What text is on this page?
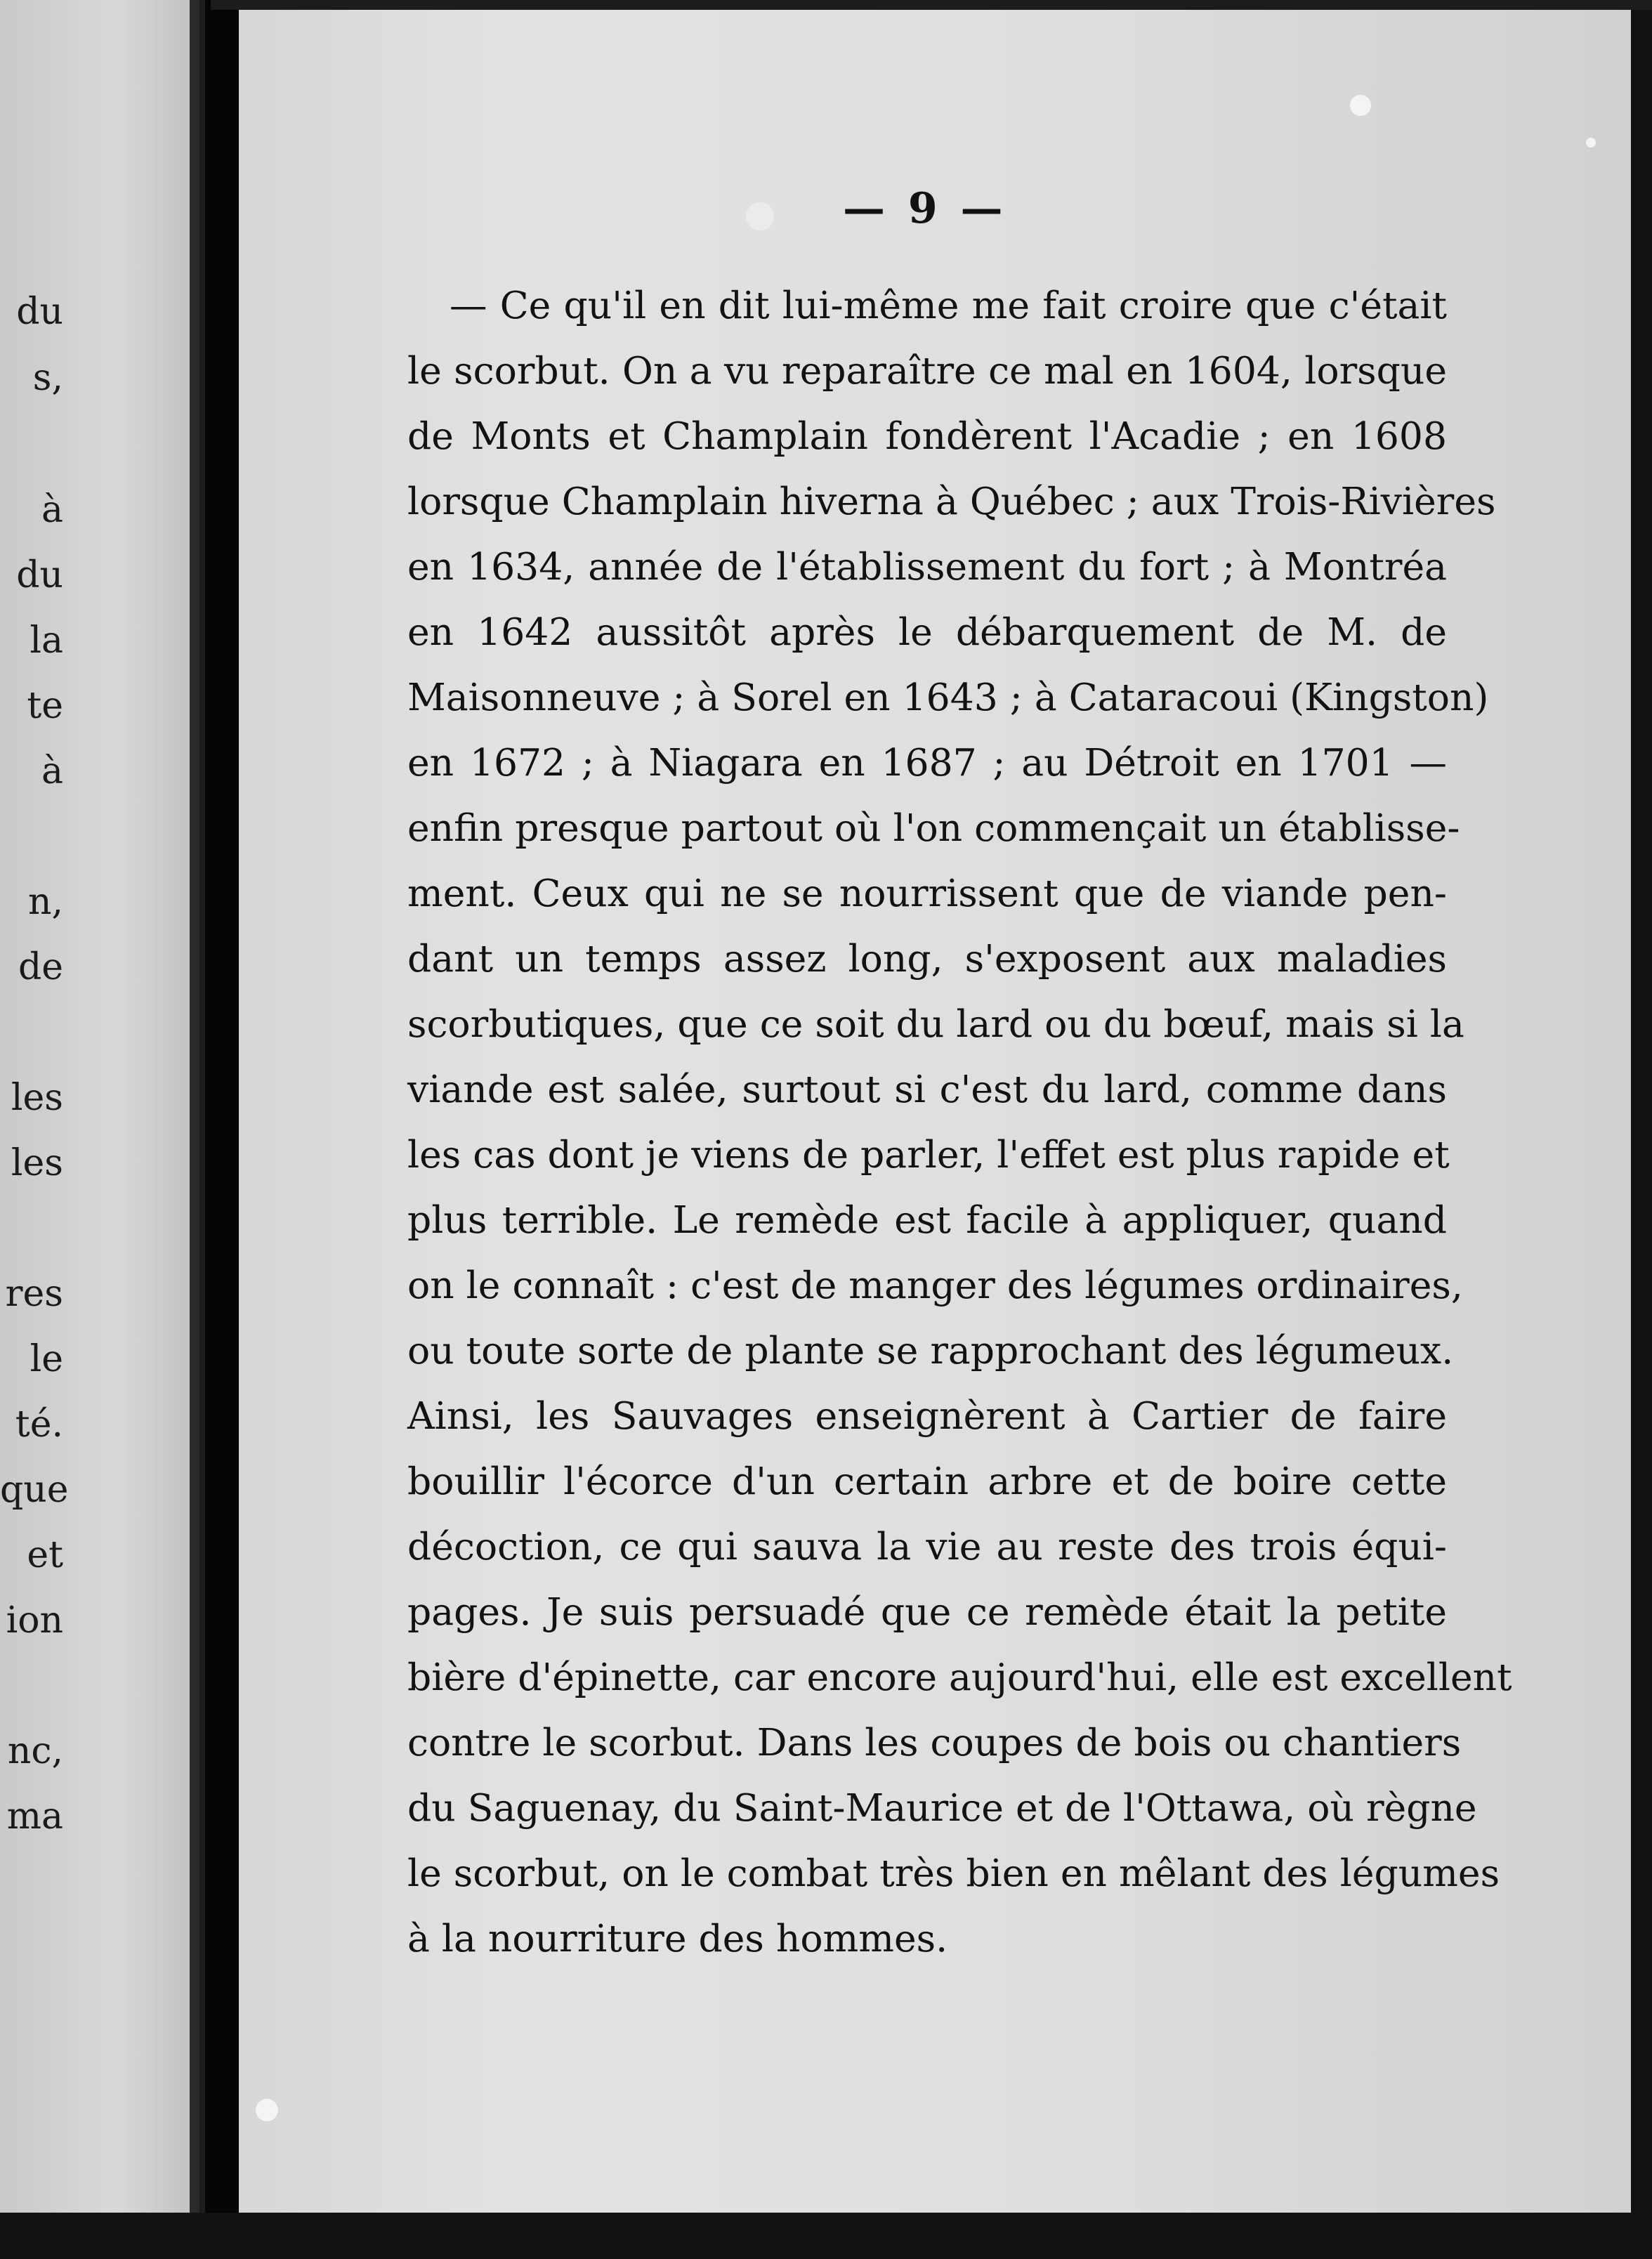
du
s,
à
du
la
te
à
n,
de
les
les
res
le
té.
que
et
ion
nc,
ma
— 9 —
— Ce qu'il en dit lui-même me fait croire que c'était
le scorbut. On a vu reparaître ce mal en 1604, lorsque
de Monts et Champlain fondèrent l'Acadie ; en 1608
lorsque Champlain hiverna à Québec ; aux Trois-Rivières
en 1634, année de l'établissement du fort ; à Montréa
en 1642 aussitôt après le débarquement de M. de
Maisonneuve ; à Sorel en 1643 ; à Cataracoui (Kingston)
en 1672 ; à Niagara en 1687 ; au Détroit en 1701 —
enfin presque partout où l'on commençait un établisse-
ment. Ceux qui ne se nourrissent que de viande pen-
dant un temps assez long, s'exposent aux maladies
scorbutiques, que ce soit du lard ou du bœuf, mais si la
viande est salée, surtout si c'est du lard, comme dans
les cas dont je viens de parler, l'effet est plus rapide et
plus terrible. Le remède est facile à appliquer, quand
on le connaît : c'est de manger des légumes ordinaires,
ou toute sorte de plante se rapprochant des légumeux.
Ainsi, les Sauvages enseignèrent à Cartier de faire
bouillir l'écorce d'un certain arbre et de boire cette
décoction, ce qui sauva la vie au reste des trois équi-
pages. Je suis persuadé que ce remède était la petite
bière d'épinette, car encore aujourd'hui, elle est excellent
contre le scorbut. Dans les coupes de bois ou chantiers
du Saguenay, du Saint-Maurice et de l'Ottawa, où règne
le scorbut, on le combat très bien en mêlant des légumes
à la nourriture des hommes.
